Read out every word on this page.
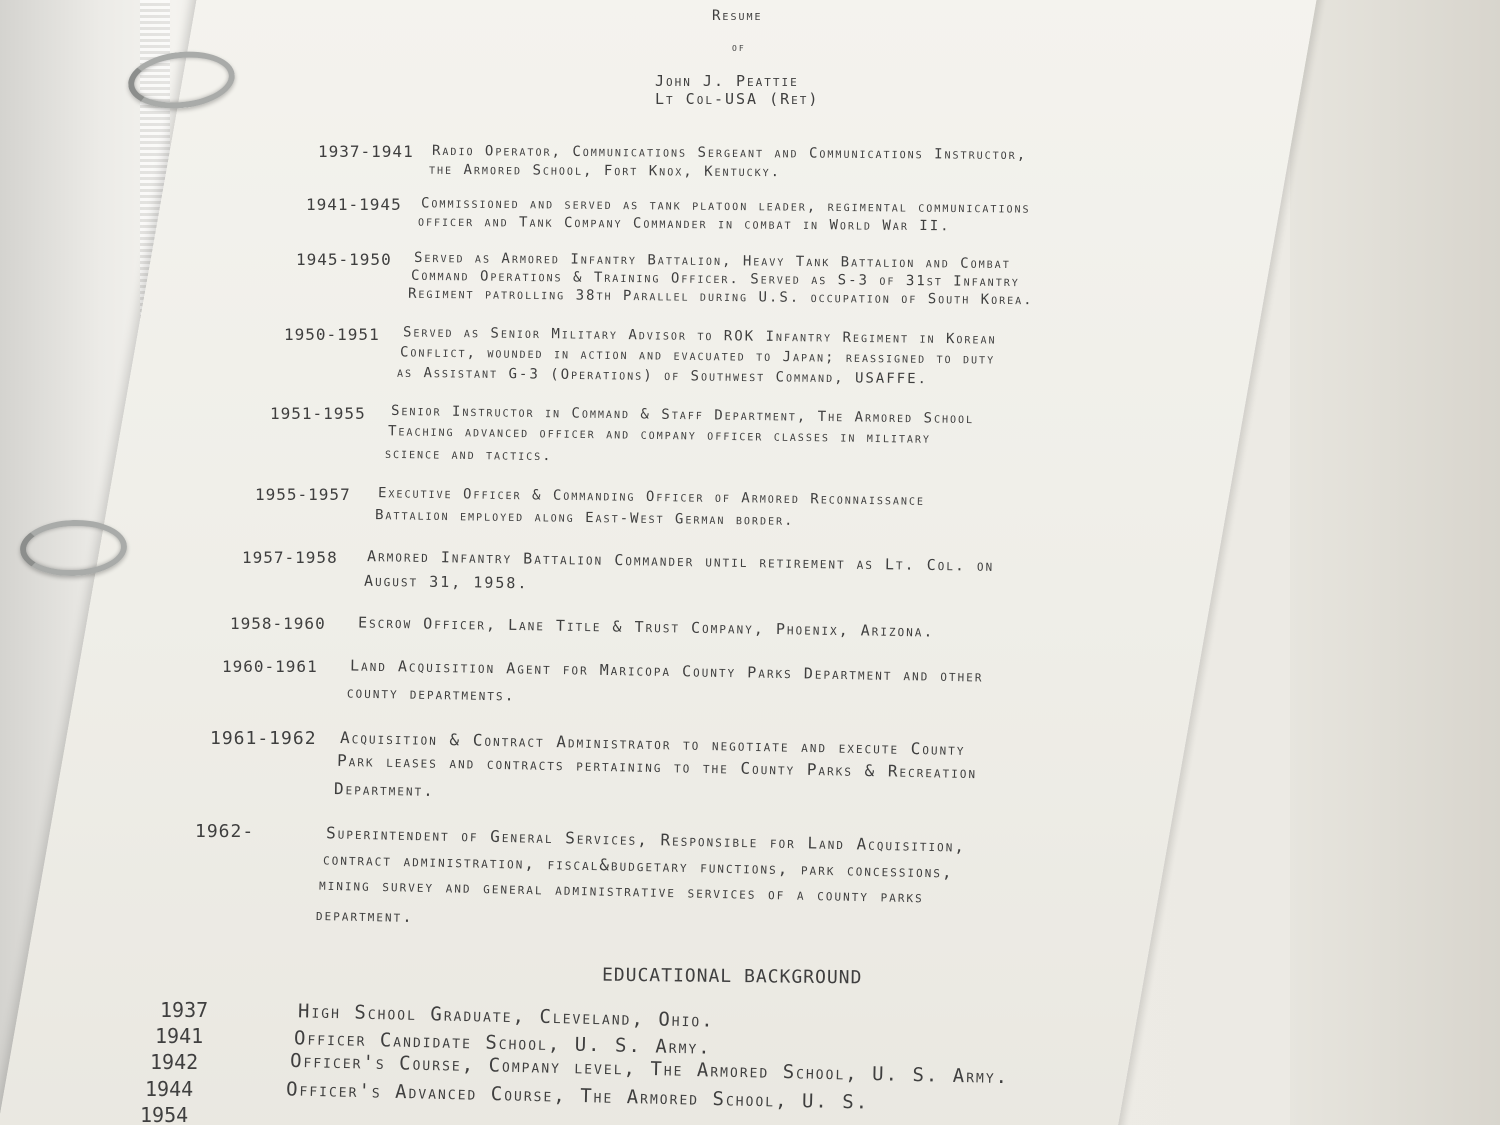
Resume
of
John J. Peattie
Lt Col-USA (Ret)
1937-1941 Radio Operator, Communications Sergeant and Communications Instructor,
the Armored School, Fort Knox, Kentucky.
1941-1945 Commissioned and served as tank platoon leader, regimental communications
officer and Tank Company Commander in combat in World War II.
1945-1950 Served as Armored Infantry Battalion, Heavy Tank Battalion and Combat
Command Operations & Training Officer. Served as S-3 of 31st Infantry
Regiment patrolling 38th Parallel during U.S. occupation of South Korea.
1950-1951 Served as Senior Military Advisor to ROK Infantry Regiment in Korean
Conflict, wounded in action and evacuated to Japan; reassigned to duty
as Assistant G-3 (Operations) of Southwest Command, USAFFE.
1951-1955 Senior Instructor in Command & Staff Department, The Armored School
Teaching advanced officer and company officer classes in military
science and tactics.
1955-1957 Executive Officer & Commanding Officer of Armored Reconnaissance
Battalion employed along East-West German border.
1957-1958 Armored Infantry Battalion Commander until retirement as Lt. Col. on
August 31, 1958.
1958-1960 Escrow Officer, Lane Title & Trust Company, Phoenix, Arizona.
1960-1961 Land Acquisition Agent for Maricopa County Parks Department and other
county departments.
1961-1962 Acquisition & Contract Administrator to negotiate and execute County
Park leases and contracts pertaining to the County Parks & Recreation
Department.
1962-	Superintendent of General Services, Responsible for Land Acquisition,
contract administration, fiscal&budgetary functions, park concessions,
mining survey and general administrative services of a county parks
department.
EDUCATIONAL BACKGROUND
1937	High School Graduate, Cleveland, Ohio.
1941	Officer Candidate School, U. S. Army.
1942	Officer's Course, Company level, The Armored School, U. S. Army.
1944	Officer's Advanced Course, The Armored School, U. S.
1954
